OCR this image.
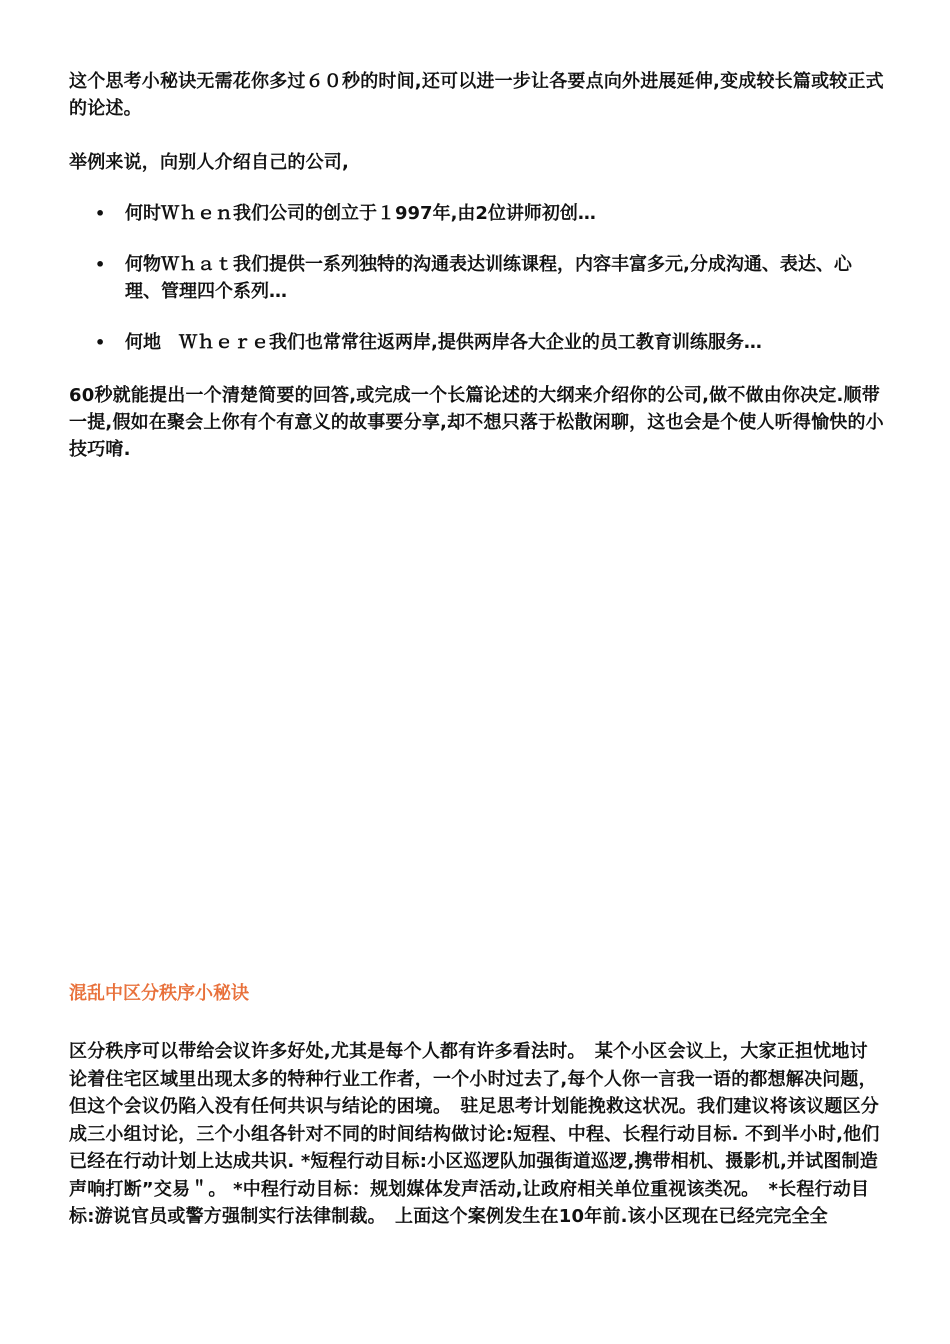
这个思考小秘诀无需花你多过６０秒的时间,还可以进一步让各要点向外进展延伸,变成较长篇或较正式的论述。

举例来说，向别人介绍自己的公司,

• 何时Ｗｈｅｎ我们公司的创立于１997年,由2位讲师初创…
• 何物Ｗｈａｔ我们提供一系列独特的沟通表达训练课程，内容丰富多元,分成沟通、表达、心理、管理四个系列…
• 何地　Ｗｈｅｒｅ我们也常常往返两岸,提供两岸各大企业的员工教育训练服务…

60秒就能提出一个清楚简要的回答,或完成一个长篇论述的大纲来介绍你的公司,做不做由你决定.顺带一提,假如在聚会上你有个有意义的故事要分享,却不想只落于松散闲聊，这也会是个使人听得愉快的小技巧唷.

混乱中区分秩序小秘诀

区分秩序可以带给会议许多好处,尤其是每个人都有许多看法时。　某个小区会议上，大家正担忧地讨论着住宅区域里出现太多的特种行业工作者，一个小时过去了,每个人你一言我一语的都想解决问题，但这个会议仍陷入没有任何共识与结论的困境。　驻足思考计划能挽救这状况。我们建议将该议题区分成三小组讨论，三个小组各针对不同的时间结构做讨论:短程、中程、长程行动目标. 不到半小时,他们已经在行动计划上达成共识. *短程行动目标:小区巡逻队加强街道巡逻,携带相机、摄影机,并试图制造声响打断”交易＂。 *中程行动目标：规划媒体发声活动,让政府相关单位重视该类况。　*长程行动目标:游说官员或警方强制实行法律制裁。　上面这个案例发生在10年前.该小区现在已经完完全全
